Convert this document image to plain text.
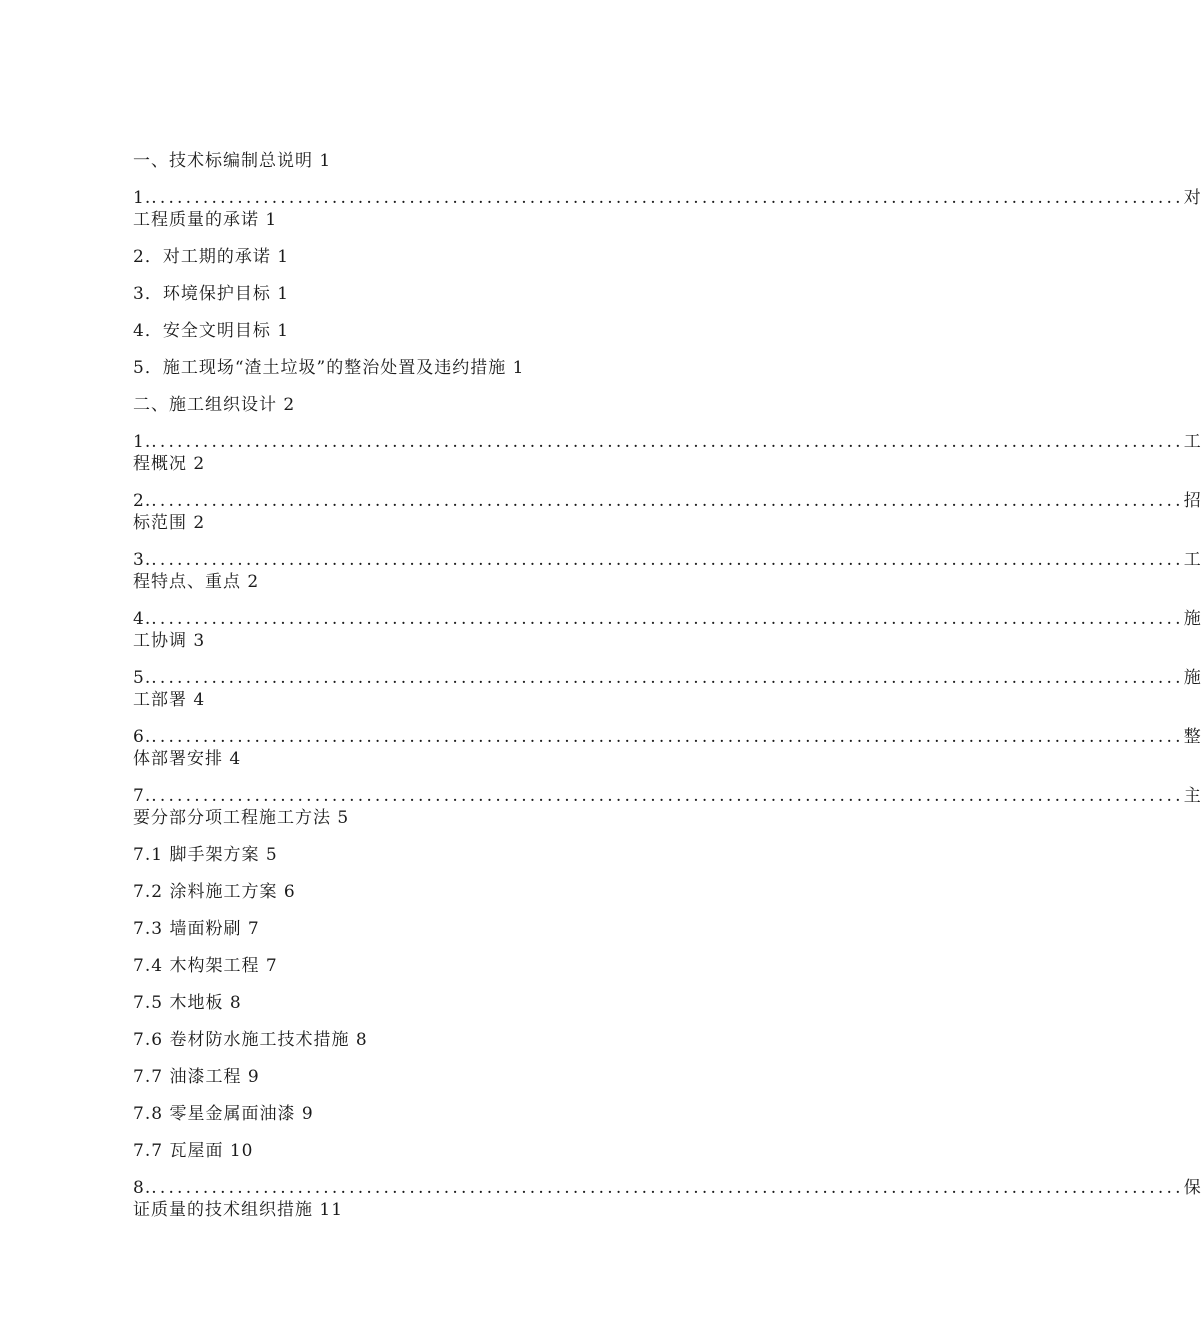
一、技术标编制总说明 1
1. ........................................................................................................................ 对
工程质量的承诺 1
2．对工期的承诺 1
3．环境保护目标 1
4．安全文明目标 1
5．施工现场“渣土垃圾”的整治处置及违约措施 1
二、施工组织设计 2
1. ........................................................................................................................ 工
程概况 2
2. ........................................................................................................................ 招
标范围 2
3. ........................................................................................................................ 工
程特点、重点 2
4. ........................................................................................................................ 施
工协调 3
5. ........................................................................................................................ 施
工部署 4
6. ........................................................................................................................ 整
体部署安排 4
7. ........................................................................................................................ 主
要分部分项工程施工方法 5
7.1 脚手架方案 5
7.2 涂料施工方案 6
7.3 墙面粉刷 7
7.4 木构架工程 7
7.5 木地板 8
7.6 卷材防水施工技术措施 8
7.7 油漆工程 9
7.8 零星金属面油漆 9
7.7 瓦屋面 10
8. ........................................................................................................................ 保
证质量的技术组织措施 11
